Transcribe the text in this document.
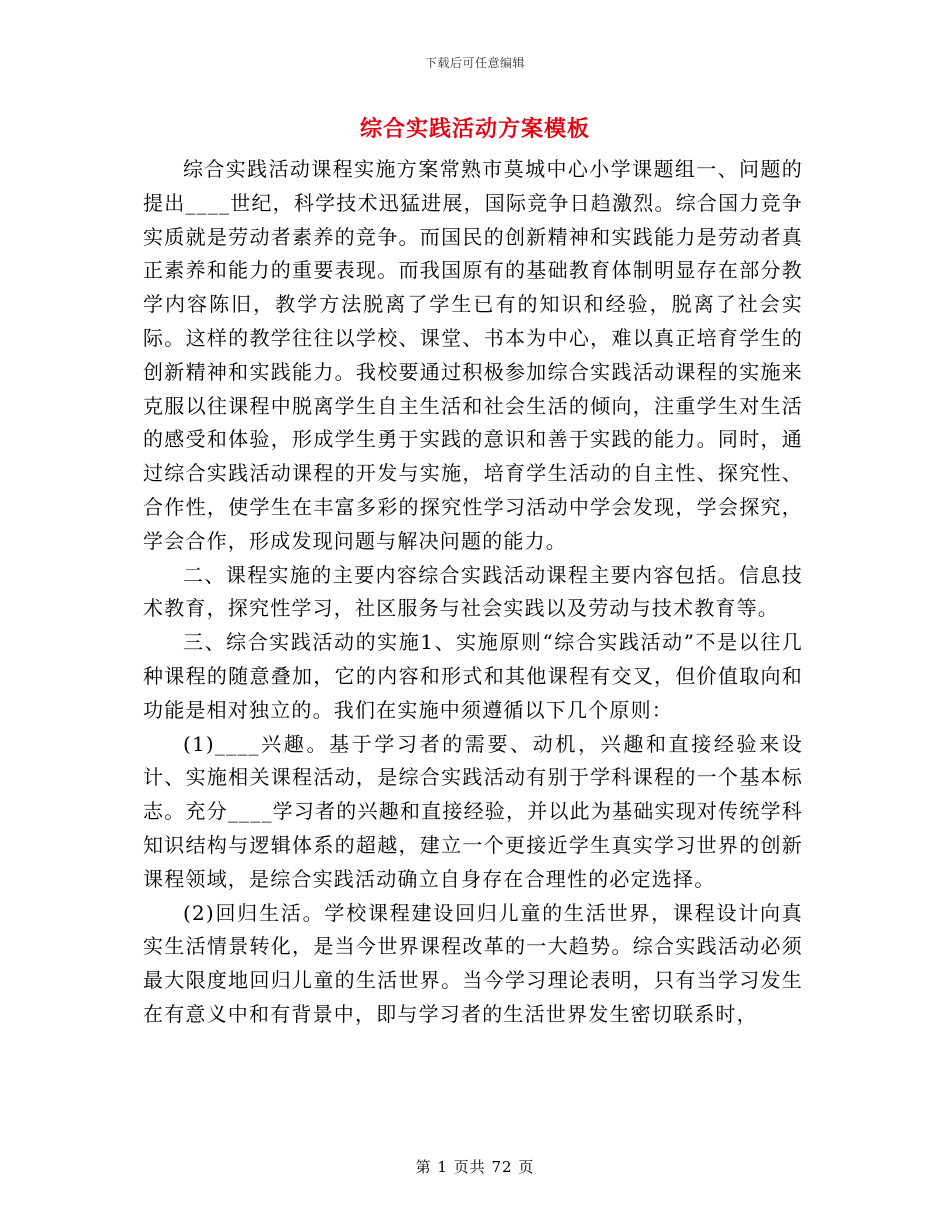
下载后可任意编辑
综合实践活动方案模板

综合实践活动课程实施方案常熟市莫城中心小学课题组一、问题的提出____世纪，科学技术迅猛进展，国际竞争日趋激烈。综合国力竞争实质就是劳动者素养的竞争。而国民的创新精神和实践能力是劳动者真正素养和能力的重要表现。而我国原有的基础教育体制明显存在部分教学内容陈旧，教学方法脱离了学生已有的知识和经验，脱离了社会实际。这样的教学往往以学校、课堂、书本为中心，难以真正培育学生的创新精神和实践能力。我校要通过积极参加综合实践活动课程的实施来克服以往课程中脱离学生自主生活和社会生活的倾向，注重学生对生活的感受和体验，形成学生勇于实践的意识和善于实践的能力。同时，通过综合实践活动课程的开发与实施，培育学生活动的自主性、探究性、合作性，使学生在丰富多彩的探究性学习活动中学会发现，学会探究，学会合作，形成发现问题与解决问题的能力。

二、课程实施的主要内容综合实践活动课程主要内容包括。信息技术教育，探究性学习，社区服务与社会实践以及劳动与技术教育等。

三、综合实践活动的实施1、实施原则“综合实践活动”不是以往几种课程的随意叠加，它的内容和形式和其他课程有交叉，但价值取向和功能是相对独立的。我们在实施中须遵循以下几个原则：

(1)____兴趣。基于学习者的需要、动机，兴趣和直接经验来设计、实施相关课程活动，是综合实践活动有别于学科课程的一个基本标志。充分____学习者的兴趣和直接经验，并以此为基础实现对传统学科知识结构与逻辑体系的超越，建立一个更接近学生真实学习世界的创新课程领域，是综合实践活动确立自身存在合理性的必定选择。

(2)回归生活。学校课程建设回归儿童的生活世界，课程设计向真实生活情景转化，是当今世界课程改革的一大趋势。综合实践活动必须最大限度地回归儿童的生活世界。当今学习理论表明，只有当学习发生在有意义中和有背景中，即与学习者的生活世界发生密切联系时，

第 1 页共 72 页
